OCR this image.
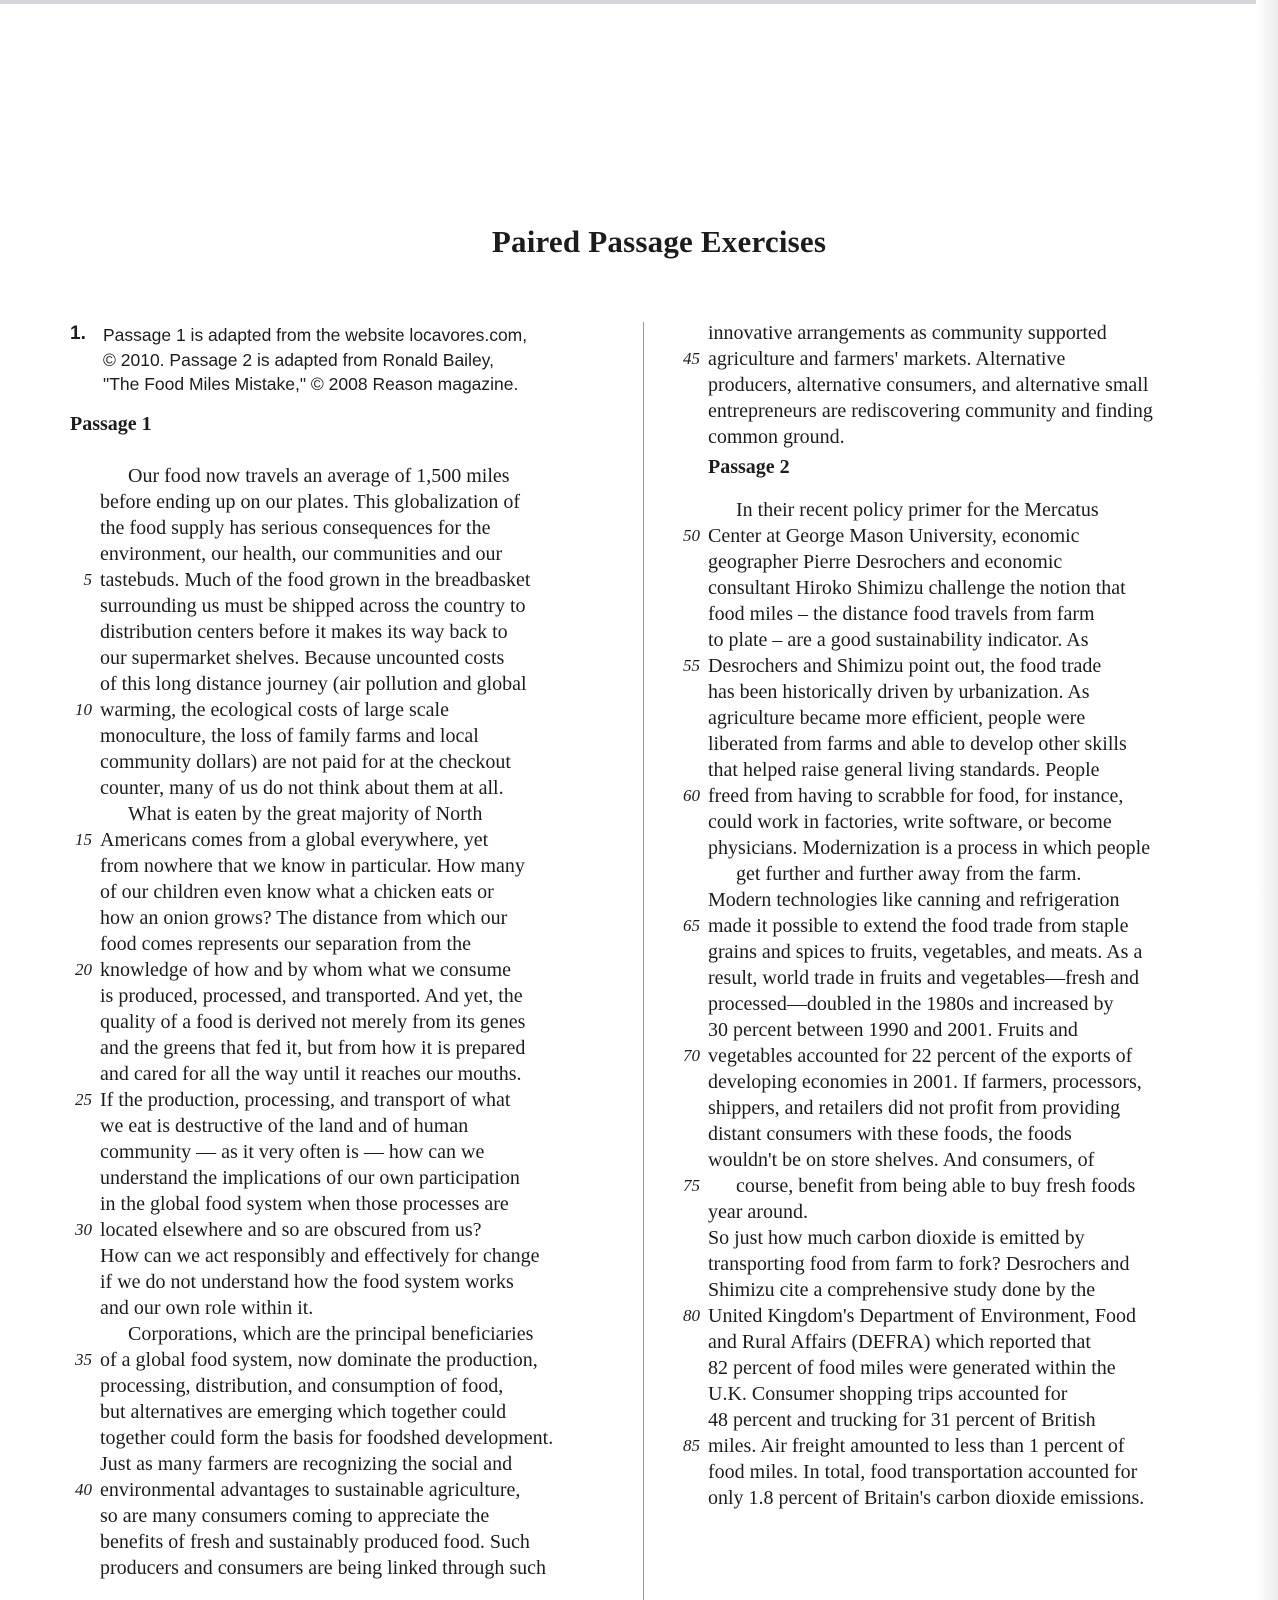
Paired Passage Exercises
1. Passage 1 is adapted from the website locavores.com,

© 2010. Passage 2 is adapted from Ronald Bailey,

"The Food Miles Mistake," © 2008 Reason magazine.

Passage 1
Our food now travels an average of 1,500 miles
before ending up on our plates. This globalization of
the food supply has serious consequences for the
environment, our health, our communities and our
5 tastebuds. Much of the food grown in the breadbasket
surrounding us must be shipped across the country to
distribution centers before it makes its way back to
our supermarket shelves. Because uncounted costs
of this long distance journey (air pollution and global
10 warming, the ecological costs of large scale
monoculture, the loss of family farms and local
community dollars) are not paid for at the checkout
counter, many of us do not think about them at all.
What is eaten by the great majority of North
15 Americans comes from a global everywhere, yet
from nowhere that we know in particular. How many
of our children even know what a chicken eats or
how an onion grows? The distance from which our
food comes represents our separation from the
20 knowledge of how and by whom what we consume
is produced, processed, and transported. And yet, the
quality of a food is derived not merely from its genes
and the greens that fed it, but from how it is prepared
and cared for all the way until it reaches our mouths.
25 If the production, processing, and transport of what
we eat is destructive of the land and of human
community — as it very often is — how can we
understand the implications of our own participation
in the global food system when those processes are
30 located elsewhere and so are obscured from us?
How can we act responsibly and effectively for change
if we do not understand how the food system works
and our own role within it.
Corporations, which are the principal beneficiaries
35 of a global food system, now dominate the production,
processing, distribution, and consumption of food,
but alternatives are emerging which together could
together could form the basis for foodshed development.
Just as many farmers are recognizing the social and
40 environmental advantages to sustainable agriculture,
so are many consumers coming to appreciate the
benefits of fresh and sustainably produced food. Such
producers and consumers are being linked through such
innovative arrangements as community supported
45 agriculture and farmers' markets. Alternative
producers, alternative consumers, and alternative small
entrepreneurs are rediscovering community and finding
common ground.
Passage 2
In their recent policy primer for the Mercatus
50 Center at George Mason University, economic
geographer Pierre Desrochers and economic
consultant Hiroko Shimizu challenge the notion that
food miles – the distance food travels from farm
to plate – are a good sustainability indicator. As
55 Desrochers and Shimizu point out, the food trade
has been historically driven by urbanization. As
agriculture became more efficient, people were
liberated from farms and able to develop other skills
that helped raise general living standards. People
60 freed from having to scrabble for food, for instance,
could work in factories, write software, or become
physicians. Modernization is a process in which people
get further and further away from the farm.
Modern technologies like canning and refrigeration
65 made it possible to extend the food trade from staple
grains and spices to fruits, vegetables, and meats. As a
result, world trade in fruits and vegetables—fresh and
processed—doubled in the 1980s and increased by
30 percent between 1990 and 2001. Fruits and
70 vegetables accounted for 22 percent of the exports of
developing economies in 2001. If farmers, processors,
shippers, and retailers did not profit from providing
distant consumers with these foods, the foods
wouldn't be on store shelves. And consumers, of
75	course, benefit from being able to buy fresh foods
year around.
So just how much carbon dioxide is emitted by
transporting food from farm to fork? Desrochers and
Shimizu cite a comprehensive study done by the
80 United Kingdom's Department of Environment, Food
and Rural Affairs (DEFRA) which reported that
82 percent of food miles were generated within the
U.K. Consumer shopping trips accounted for
48 percent and trucking for 31 percent of British
85 miles. Air freight amounted to less than 1 percent of
food miles. In total, food transportation accounted for
only 1.8 percent of Britain's carbon dioxide emissions.
